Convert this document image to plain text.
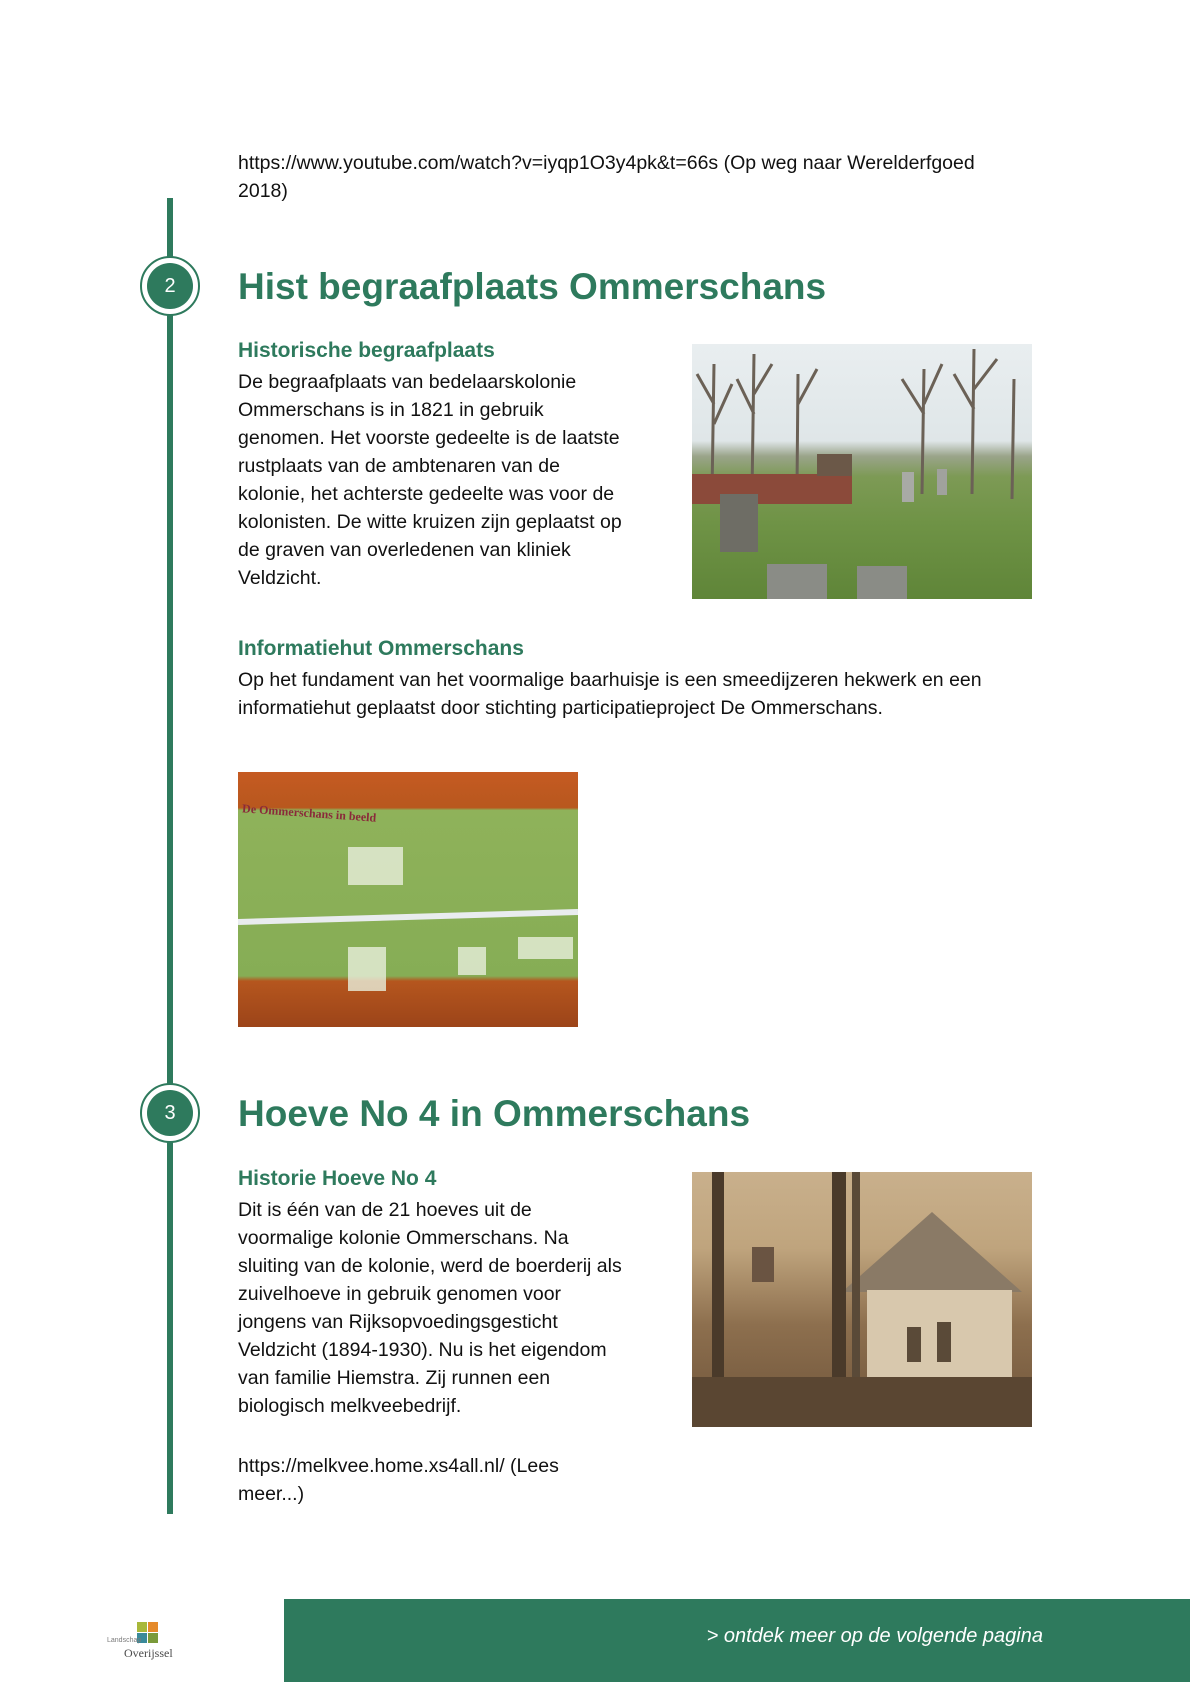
https://www.youtube.com/watch?v=iyqp1O3y4pk&t=66s (Op weg naar Werelderfgoed 2018)

2
3
Hist begraafplaats Ommerschans
Historische begraafplaats

De begraafplaats van bedelaarskolonie

Ommerschans is in 1821 in gebruik

genomen. Het voorste gedeelte is de laatste

rustplaats van de ambtenaren van de

kolonie, het achterste gedeelte was voor de

kolonisten. De witte kruizen zijn geplaatst op

de graven van overledenen van kliniek

Veldzicht.

Informatiehut Ommerschans

Op het fundament van het voormalige baarhuisje is een smeedijzeren hekwerk en een

informatiehut geplaatst door stichting participatieproject De Ommerschans.

De Ommerschans in beeld
Hoeve No 4 in Ommerschans
Historie Hoeve No 4

Dit is één van de 21 hoeves uit de

voormalige kolonie Ommerschans. Na

sluiting van de kolonie, werd de boerderij als

zuivelhoeve in gebruik genomen voor

jongens van Rijksopvoedingsgesticht

Veldzicht (1894-1930). Nu is het eigendom

van familie Hiemstra. Zij runnen een

biologisch melkveebedrijf.

https://melkvee.home.xs4all.nl/ (Lees

meer...)

Landschap
Overijssel
> ontdek meer op de volgende pagina
